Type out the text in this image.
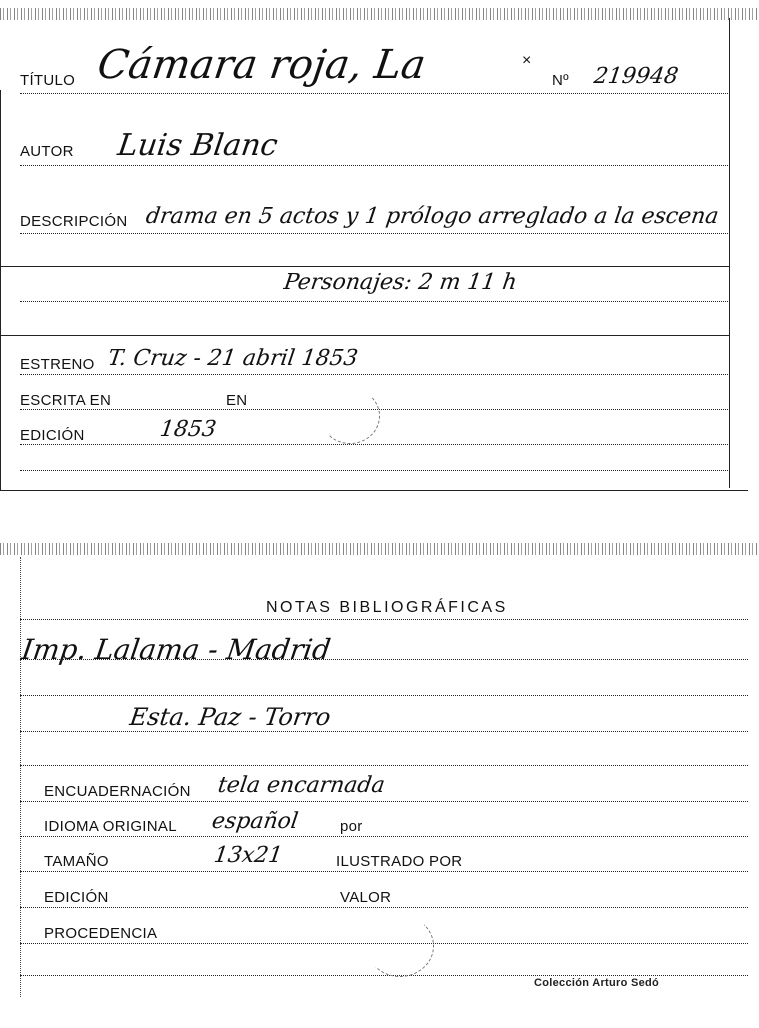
TÍTULO Cámara roja, La	×
Nº 219948
AUTOR Luis Blanc
DESCRIPCIÓN drama en 5 actos y 1 prólogo arreglado a la escena
Personajes: 2 m 11 h
ESTRENO T. Cruz - 21 abril 1853
ESCRITA EN	EN
EDICIÓN	1853
NOTAS BIBLIOGRÁFICAS
Imp. Lalama - Madrid
Esta. Paz - Torro
ENCUADERNACIÓN tela encarnada
IDIOMA ORIGINAL español	por
TAMAÑO	13x21	ILUSTRADO POR
EDICIÓN	VALOR
PROCEDENCIA
Colección Arturo Sedó
